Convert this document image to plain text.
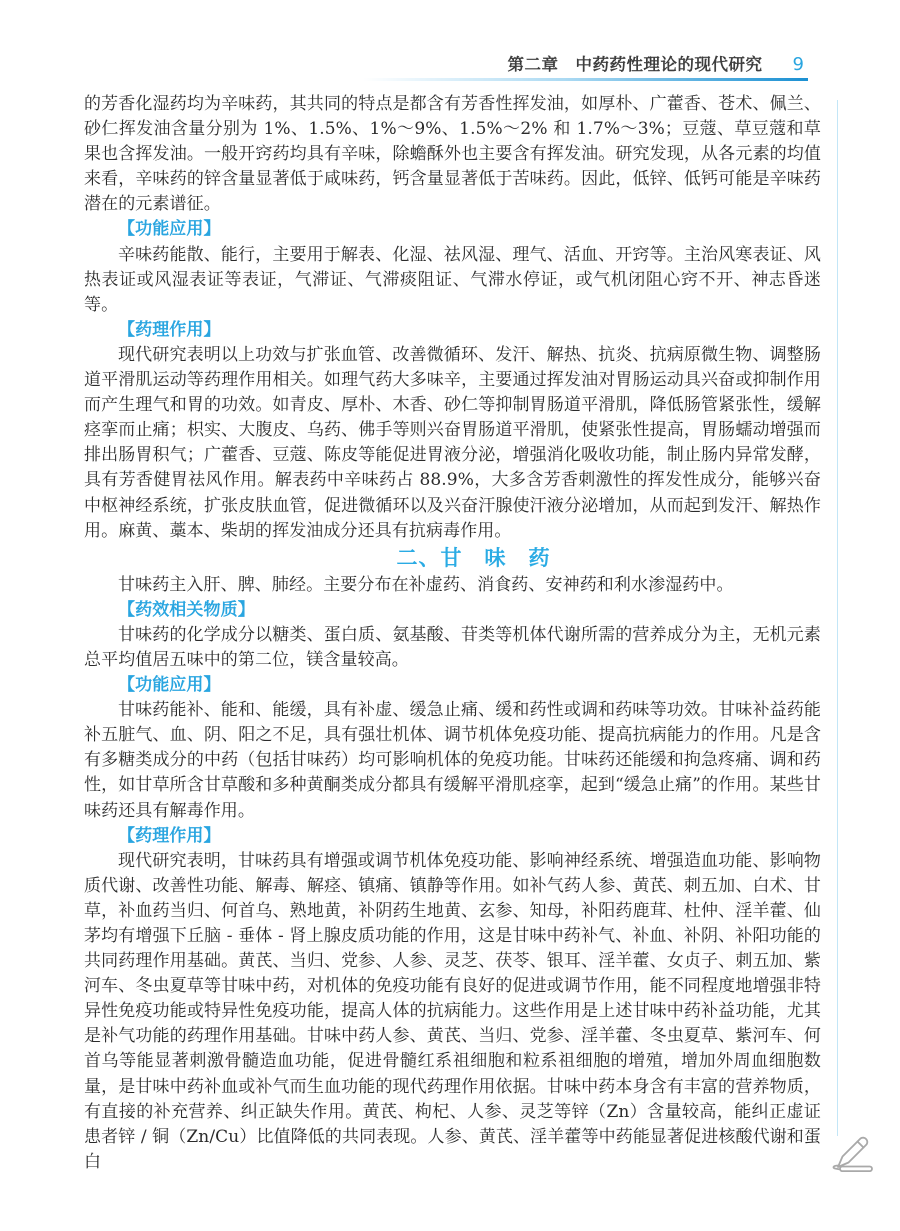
第二章　中药药性理论的现代研究 9

的芳香化湿药均为辛味药，其共同的特点是都含有芳香性挥发油，如厚朴、广藿香、苍术、佩兰、砂仁挥发油含量分别为 1%、1.5%、1%～9%、1.5%～2% 和 1.7%～3%；豆蔻、草豆蔻和草果也含挥发油。一般开窍药均具有辛味，除蟾酥外也主要含有挥发油。研究发现，从各元素的均值来看，辛味药的锌含量显著低于咸味药，钙含量显著低于苦味药。因此，低锌、低钙可能是辛味药潜在的元素谱征。

【功能应用】

辛味药能散、能行，主要用于解表、化湿、祛风湿、理气、活血、开窍等。主治风寒表证、风热表证或风湿表证等表证，气滞证、气滞痰阻证、气滞水停证，或气机闭阻心窍不开、神志昏迷等。

【药理作用】

现代研究表明以上功效与扩张血管、改善微循环、发汗、解热、抗炎、抗病原微生物、调整肠道平滑肌运动等药理作用相关。如理气药大多味辛，主要通过挥发油对胃肠运动具兴奋或抑制作用而产生理气和胃的功效。如青皮、厚朴、木香、砂仁等抑制胃肠道平滑肌，降低肠管紧张性，缓解痉挛而止痛；枳实、大腹皮、乌药、佛手等则兴奋胃肠道平滑肌，使紧张性提高，胃肠蠕动增强而排出肠胃积气；广藿香、豆蔻、陈皮等能促进胃液分泌，增强消化吸收功能，制止肠内异常发酵，具有芳香健胃祛风作用。解表药中辛味药占 88.9%，大多含芳香刺激性的挥发性成分，能够兴奋中枢神经系统，扩张皮肤血管，促进微循环以及兴奋汗腺使汗液分泌增加，从而起到发汗、解热作用。麻黄、藁本、柴胡的挥发油成分还具有抗病毒作用。

二、甘　味　药

甘味药主入肝、脾、肺经。主要分布在补虚药、消食药、安神药和利水渗湿药中。

【药效相关物质】

甘味药的化学成分以糖类、蛋白质、氨基酸、苷类等机体代谢所需的营养成分为主，无机元素总平均值居五味中的第二位，镁含量较高。

【功能应用】

甘味药能补、能和、能缓，具有补虚、缓急止痛、缓和药性或调和药味等功效。甘味补益药能补五脏气、血、阴、阳之不足，具有强壮机体、调节机体免疫功能、提高抗病能力的作用。凡是含有多糖类成分的中药（包括甘味药）均可影响机体的免疫功能。甘味药还能缓和拘急疼痛、调和药性，如甘草所含甘草酸和多种黄酮类成分都具有缓解平滑肌痉挛，起到“缓急止痛”的作用。某些甘味药还具有解毒作用。

【药理作用】

现代研究表明，甘味药具有增强或调节机体免疫功能、影响神经系统、增强造血功能、影响物质代谢、改善性功能、解毒、解痉、镇痛、镇静等作用。如补气药人参、黄芪、刺五加、白术、甘草，补血药当归、何首乌、熟地黄，补阴药生地黄、玄参、知母，补阳药鹿茸、杜仲、淫羊藿、仙茅均有增强下丘脑 - 垂体 - 肾上腺皮质功能的作用，这是甘味中药补气、补血、补阴、补阳功能的共同药理作用基础。黄芪、当归、党参、人参、灵芝、茯苓、银耳、淫羊藿、女贞子、刺五加、紫河车、冬虫夏草等甘味中药，对机体的免疫功能有良好的促进或调节作用，能不同程度地增强非特异性免疫功能或特异性免疫功能，提高人体的抗病能力。这些作用是上述甘味中药补益功能，尤其是补气功能的药理作用基础。甘味中药人参、黄芪、当归、党参、淫羊藿、冬虫夏草、紫河车、何首乌等能显著刺激骨髓造血功能，促进骨髓红系祖细胞和粒系祖细胞的增殖，增加外周血细胞数量，是甘味中药补血或补气而生血功能的现代药理作用依据。甘味中药本身含有丰富的营养物质，有直接的补充营养、纠正缺失作用。黄芪、枸杞、人参、灵芝等锌（Zn）含量较高，能纠正虚证患者锌 / 铜（Zn/Cu）比值降低的共同表现。人参、黄芪、淫羊藿等中药能显著促进核酸代谢和蛋白
